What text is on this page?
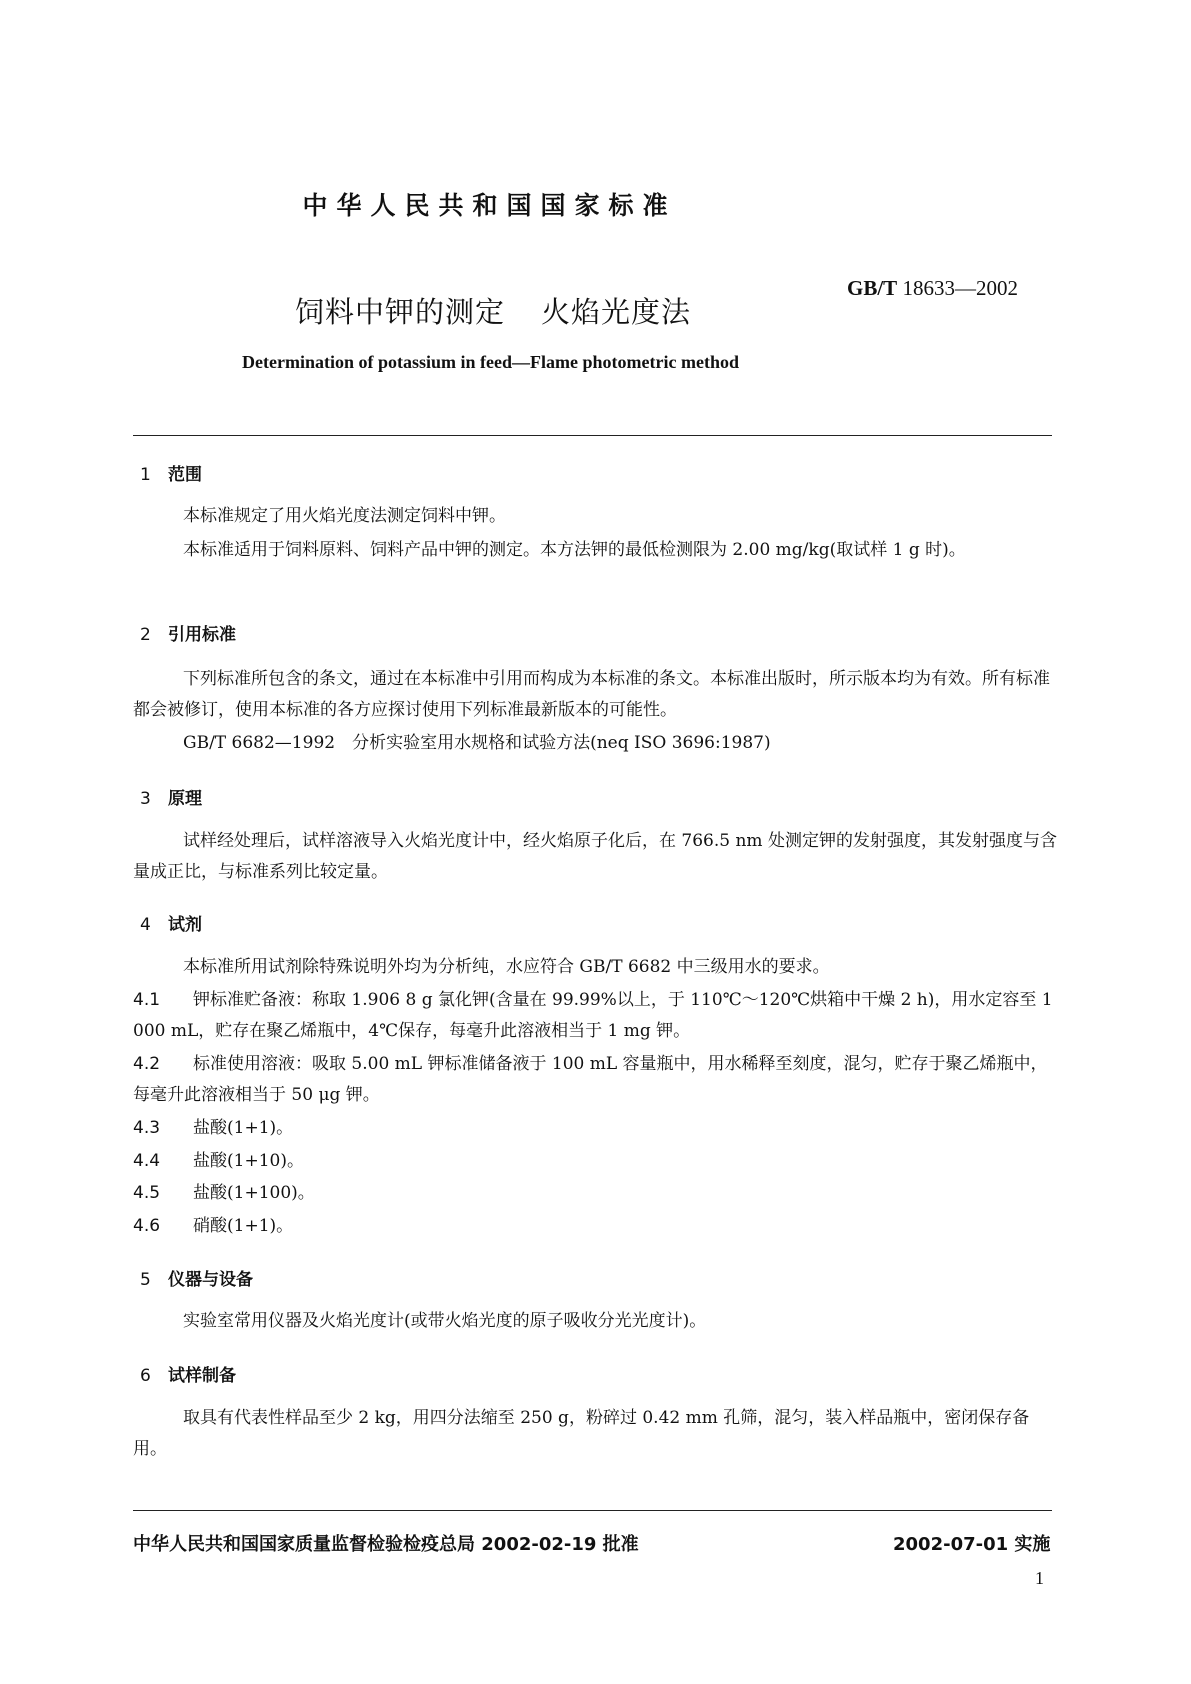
中华人民共和国国家标准
GB/T 18633—2002
饲料中钾的测定 火焰光度法
Determination of potassium in feed—Flame photometric method
1 范围
本标准规定了用火焰光度法测定饲料中钾。
本标准适用于饲料原料、饲料产品中钾的测定。本方法钾的最低检测限为 2.00 mg/kg(取试样 1 g 时)。
2 引用标准
下列标准所包含的条文，通过在本标准中引用而构成为本标准的条文。本标准出版时，所示版本均为有效。所有标准都会被修订，使用本标准的各方应探讨使用下列标准最新版本的可能性。
GB/T 6682—1992　分析实验室用水规格和试验方法(neq ISO 3696:1987)
3 原理
试样经处理后，试样溶液导入火焰光度计中，经火焰原子化后，在 766.5 nm 处测定钾的发射强度，其发射强度与含量成正比，与标准系列比较定量。
4 试剂
本标准所用试剂除特殊说明外均为分析纯，水应符合 GB/T 6682 中三级用水的要求。
4.1 钾标准贮备液：称取 1.906 8 g 氯化钾(含量在 99.99%以上，于 110℃～120℃烘箱中干燥 2 h)，用水定容至 1 000 mL，贮存在聚乙烯瓶中，4℃保存，每毫升此溶液相当于 1 mg 钾。
4.2 标准使用溶液：吸取 5.00 mL 钾标准储备液于 100 mL 容量瓶中，用水稀释至刻度，混匀，贮存于聚乙烯瓶中，每毫升此溶液相当于 50 μg 钾。
4.3 盐酸(1+1)。
4.4 盐酸(1+10)。
4.5 盐酸(1+100)。
4.6 硝酸(1+1)。
5 仪器与设备
实验室常用仪器及火焰光度计(或带火焰光度的原子吸收分光光度计)。
6 试样制备
取具有代表性样品至少 2 kg，用四分法缩至 250 g，粉碎过 0.42 mm 孔筛，混匀，装入样品瓶中，密闭保存备用。
中华人民共和国国家质量监督检验检疫总局 2002-02-19 批准	2002-07-01 实施
1
